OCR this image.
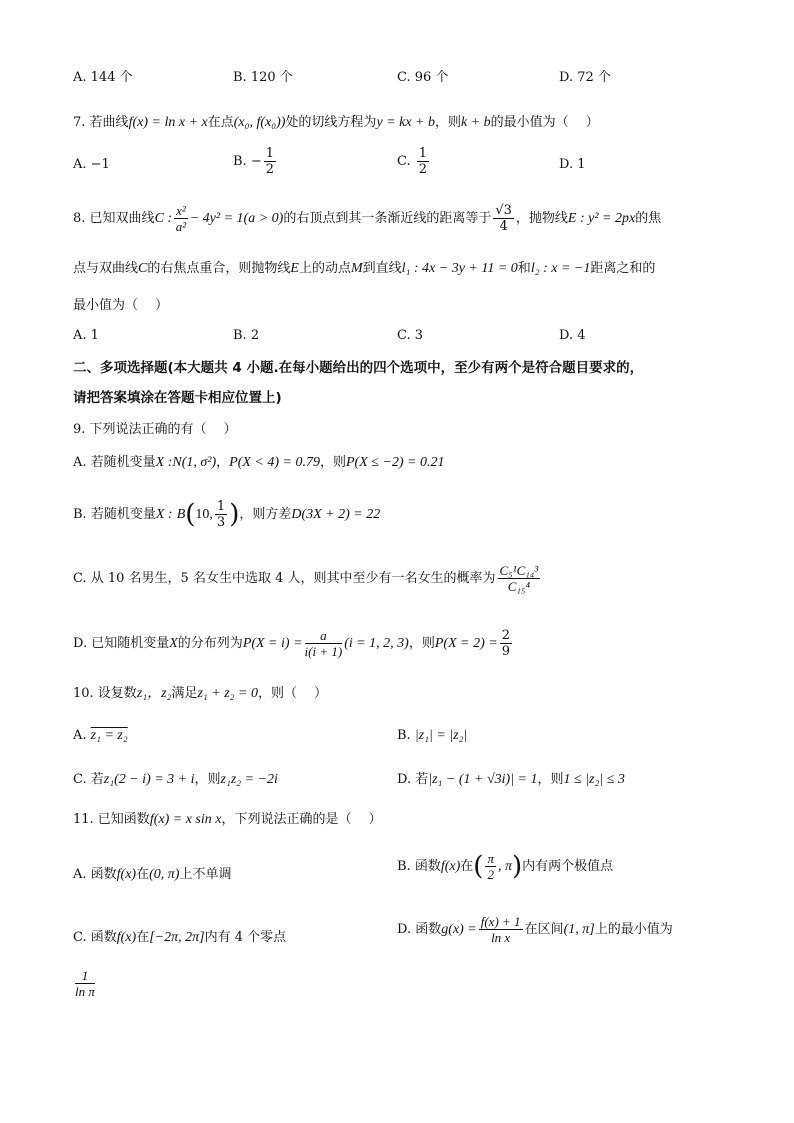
A. 144 个	B. 120 个	C. 96 个	D. 72 个
7. 若曲线f(x) = ln x + x在点(x₀, f(x₀))处的切线方程为y = kx + b，则k + b的最小值为（　 ）
A. −1	B. − $\frac{1}{2}$	C. $\frac{1}{2}$	D. 1
8. 已知双曲线C : $\frac{\text{x²}}{\text{a²}} - 4y^2 = 1(a > 0)$的右顶点到其一条渐近线的距离等于 $\frac{√3}{4}$ ，抛物线E : y² = 2px的焦
点与双曲线C的右焦点重合，则抛物线E上的动点M到直线l₁ : 4x − 3y + 11 = 0和l₂ : x = −1距离之和的
最小值为（　 ）
A. 1	B. 2	C. 3	D. 4
二、多项选择题(本大题共 4 小题.在每小题给出的四个选项中，至少有两个是符合题目要求的，
请把答案填涂在答题卡相应位置上)
9. 下列说法正确的有（　 ）
A. 若随机变量X :N(1, σ²)，P(X < 4) = 0.79，则P(X ≤ −2) = 0.21
B. 若随机变量X : B(10, $\frac{1}{3}$ )，则方差D(3X + 2) = 22
C. 从 10 名男生，5 名女生中选取 4 人，则其中至少有一名女生的概率为 $\frac{\text{C₅¹C₁₄³}}{\text{C₁₅⁴}}$
D. 已知随机变量X的分布列为$P(X = i) = \frac{a}{i(i + 1)} (i = 1$, 2, 3)，则$P(X = 2) = \frac{2}{9}$
10. 设复数z₁，z₂满足z₁ + z₂ = 0，则（　 ）
A. z₁ = z₂	B. |z₁| = |z₂|
C. 若z₁(2 − i) = 3 + i，则z₁z₂ = −2i	D. 若|z₁ − (1 + √3i)| = 1，则1 ≤ |z₂| ≤ 3
11. 已知函数f(x) = x sin x，下列说法正确的是（　 ）
A. 函数f(x)在(0, π)上不单调
B. 函数f(x)在( $\frac{\pi}{2}$ , π)内有两个极值点
C. 函数f(x)在[−2π, 2π]内有 4 个零点
D. 函数$g(x) = \frac{f(x) + 1}{\text{ln x}}$ 在区间(1, π]上的最小值为
$\frac{1}{\text{ln π}}$
